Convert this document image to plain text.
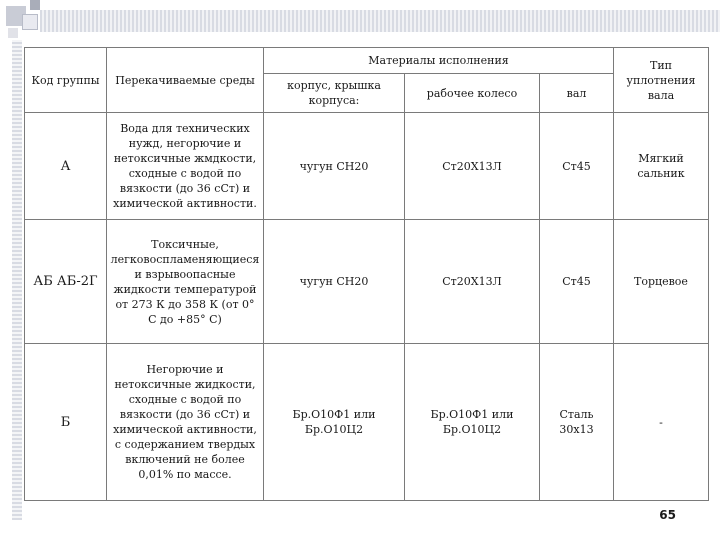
Код группы	Перекачиваемые среды	Материалы исполнения			Тип уплотнения вала
		корпус, крышка корпуса:	рабочее колесо	вал	
А	Вода для технических нужд, негорючие и нетоксичные жмдкости, сходные с водой по вязкости (до 36 сСт) и химической активности.	чугун СН20	Ст20Х13Л	Ст45	Мягкий сальник
АБ АБ-2Г	Токсичные, легковоспламеняющиеся и взрывоопасные жидкости температурой от 273 К до 358 К (от 0° С до +85° С)	чугун СН20	Ст20Х13Л	Ст45	Торцевое
Б	Негорючие и нетоксичные жидкости, сходные с водой по вязкости (до 36 сСт) и химической активности, с содержанием твердых включений не более 0,01% по массе.	Бр.О10Ф1 или Бр.О10Ц2	Бр.О10Ф1 или Бр.О10Ц2	Сталь 30х13	-
65
